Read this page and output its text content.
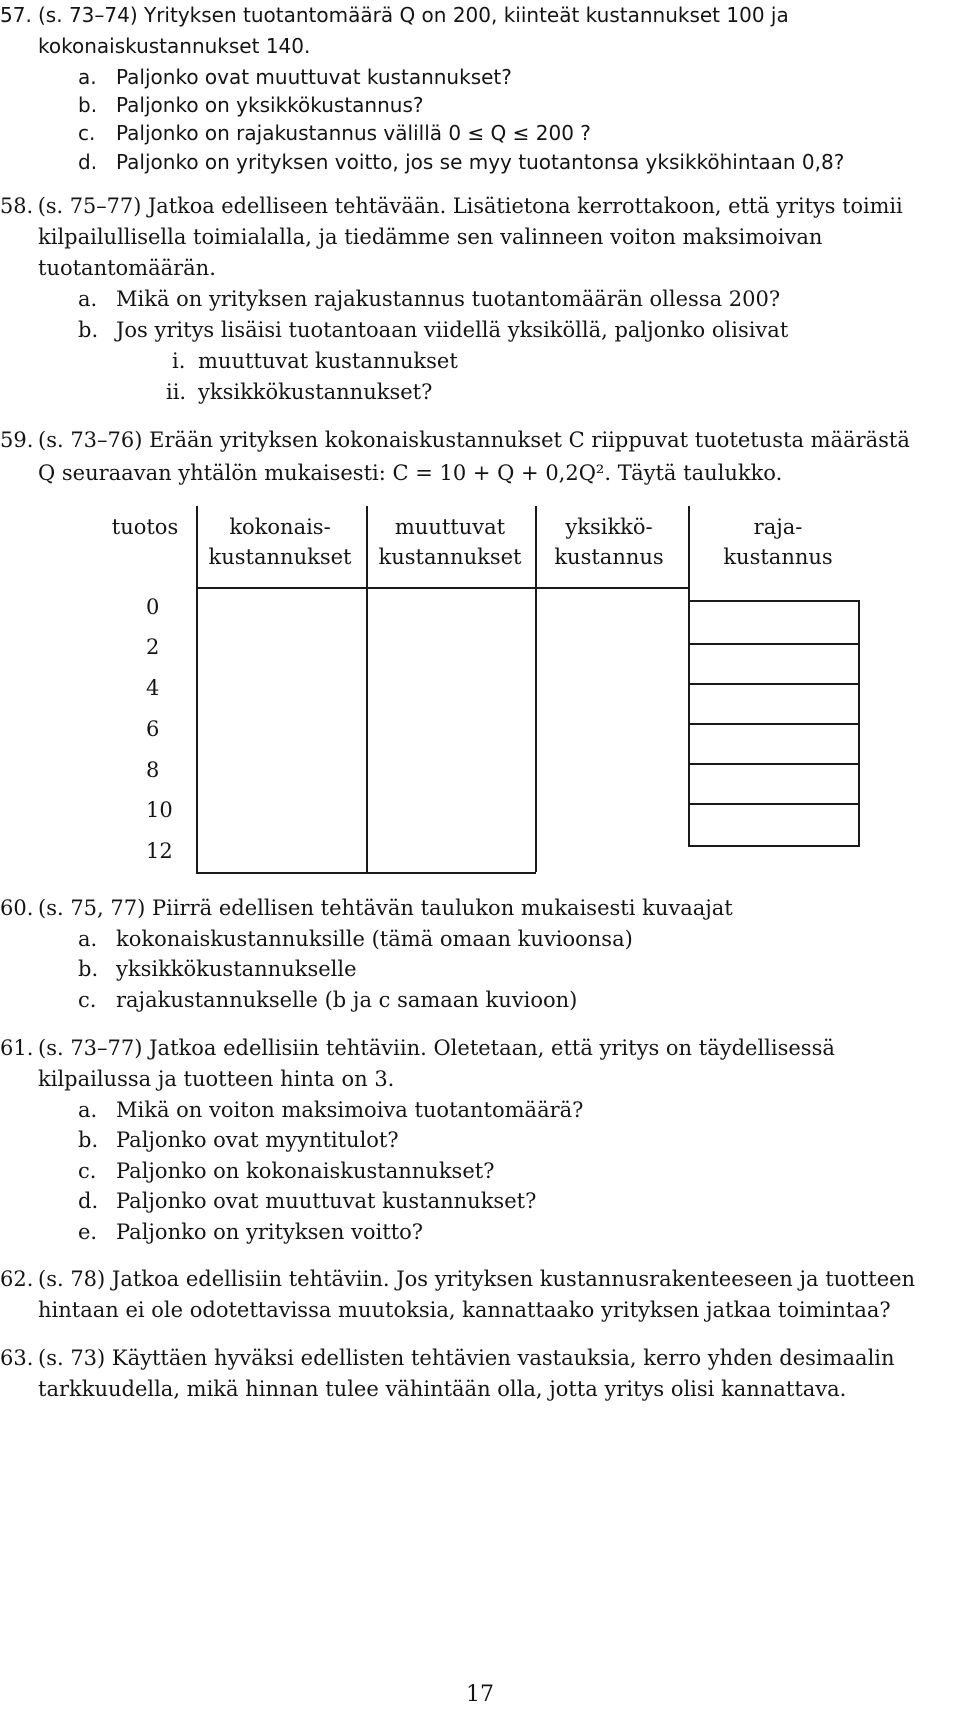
57. (s. 73–74) Yrityksen tuotantomäärä Q on 200, kiinteät kustannukset 100 ja
kokonaiskustannukset 140.
a. Paljonko ovat muuttuvat kustannukset?
b. Paljonko on yksikkökustannus?
c. Paljonko on rajakustannus välillä 0 ≤ Q ≤ 200 ?
d. Paljonko on yrityksen voitto, jos se myy tuotantonsa yksikköhintaan 0,8?
58. (s. 75–77) Jatkoa edelliseen tehtävään. Lisätietona kerrottakoon, että yritys toimii
kilpailullisella toimialalla, ja tiedämme sen valinneen voiton maksimoivan
tuotantomäärän.
a. Mikä on yrityksen rajakustannus tuotantomäärän ollessa 200?
b. Jos yritys lisäisi tuotantoaan viidellä yksiköllä, paljonko olisivat
i. muuttuvat kustannukset
ii. yksikkökustannukset?
59. (s. 73–76) Erään yrityksen kokonaiskustannukset C riippuvat tuotetusta määrästä
Q seuraavan yhtälön mukaisesti: C = 10 + Q + 0,2Q². Täytä taulukko.
tuotos	kokonais-
kustannukset
muuttuvat
kustannukset
yksikkö-
kustannus
raja-
kustannus
0
2
4
6
8
10
12
60. (s. 75, 77) Piirrä edellisen tehtävän taulukon mukaisesti kuvaajat
a. kokonaiskustannuksille (tämä omaan kuvioonsa)
b. yksikkökustannukselle
c. rajakustannukselle (b ja c samaan kuvioon)
61. (s. 73–77) Jatkoa edellisiin tehtäviin. Oletetaan, että yritys on täydellisessä
kilpailussa ja tuotteen hinta on 3.
a. Mikä on voiton maksimoiva tuotantomäärä?
b. Paljonko ovat myyntitulot?
c. Paljonko on kokonaiskustannukset?
d. Paljonko ovat muuttuvat kustannukset?
e. Paljonko on yrityksen voitto?
62. (s. 78) Jatkoa edellisiin tehtäviin. Jos yrityksen kustannusrakenteeseen ja tuotteen
hintaan ei ole odotettavissa muutoksia, kannattaako yrityksen jatkaa toimintaa?
63. (s. 73) Käyttäen hyväksi edellisten tehtävien vastauksia, kerro yhden desimaalin
tarkkuudella, mikä hinnan tulee vähintään olla, jotta yritys olisi kannattava.
17
